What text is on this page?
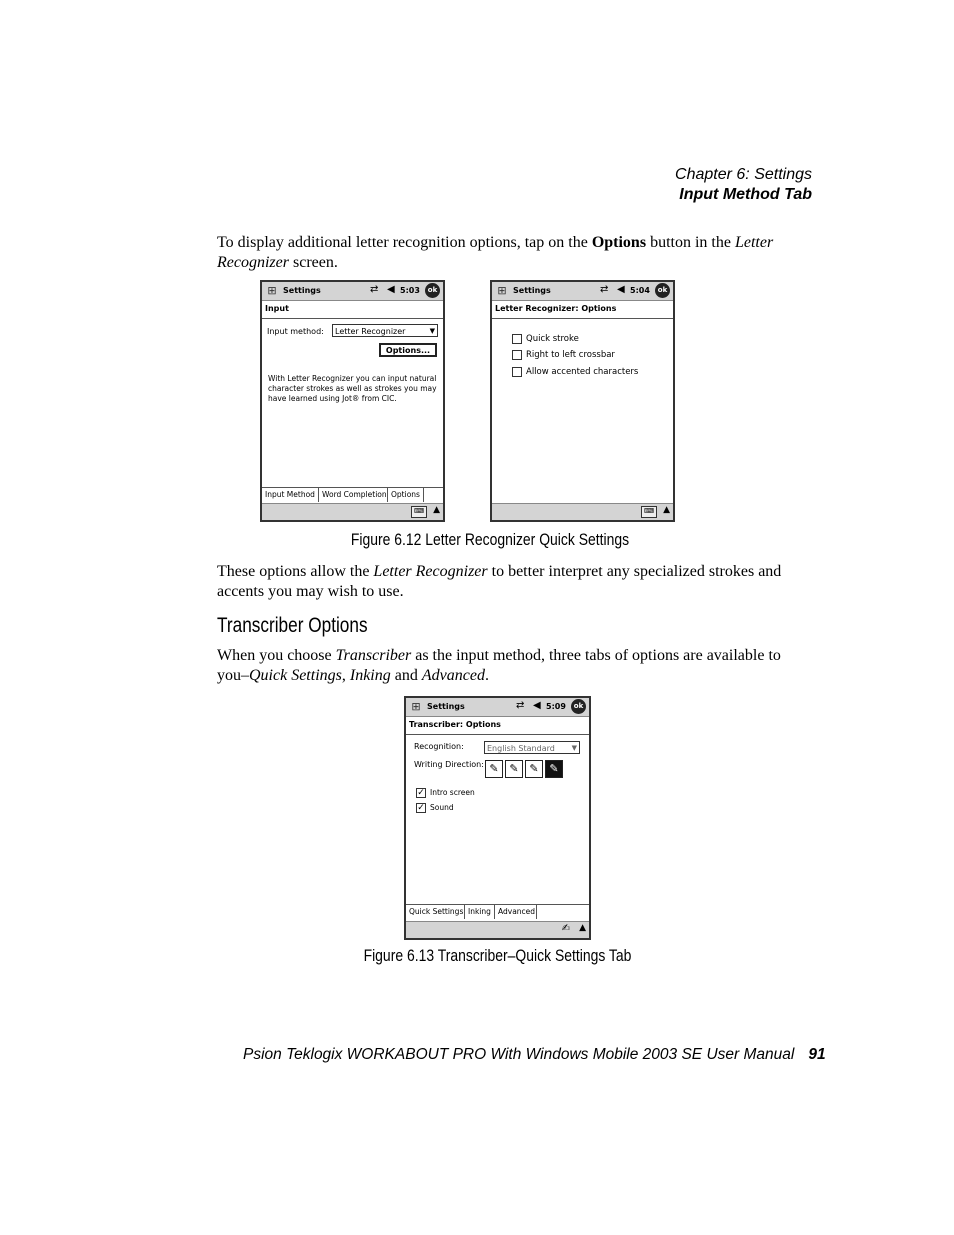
Chapter 6: Settings
Input Method Tab
To display additional letter recognition options, tap on the Options button in the Letter Recognizer screen.
⊞ Settings	⇄ ◀ 5:03	ok
Input
Input method:	Letter Recognizer	▼
Options...
With Letter Recognizer you can input natural character strokes as well as strokes you may have learned using Jot® from CIC.
Input Method Word Completion Options
⌨	▲
⊞ Settings	⇄ ◀ 5:04	ok
Letter Recognizer: Options
Quick stroke
Right to left crossbar
Allow accented characters
⌨	▲
Figure 6.12 Letter Recognizer Quick Settings
These options allow the Letter Recognizer to better interpret any specialized strokes and accents you may wish to use.
Transcriber Options
When you choose Transcriber as the input method, three tabs of options are available to you–Quick Settings, Inking and Advanced.
⊞ Settings	⇄ ◀ 5:09	ok
Transcriber: Options
Recognition:	English Standard ▼
Writing Direction: ✎ ✎ ✎ ✎
✓ Intro screen
✓ Sound
Quick Settings Inking Advanced
✍ ▲
Figure 6.13 Transcriber–Quick Settings Tab
Psion Teklogix WORKABOUT PRO With Windows Mobile 2003 SE User Manual 91
